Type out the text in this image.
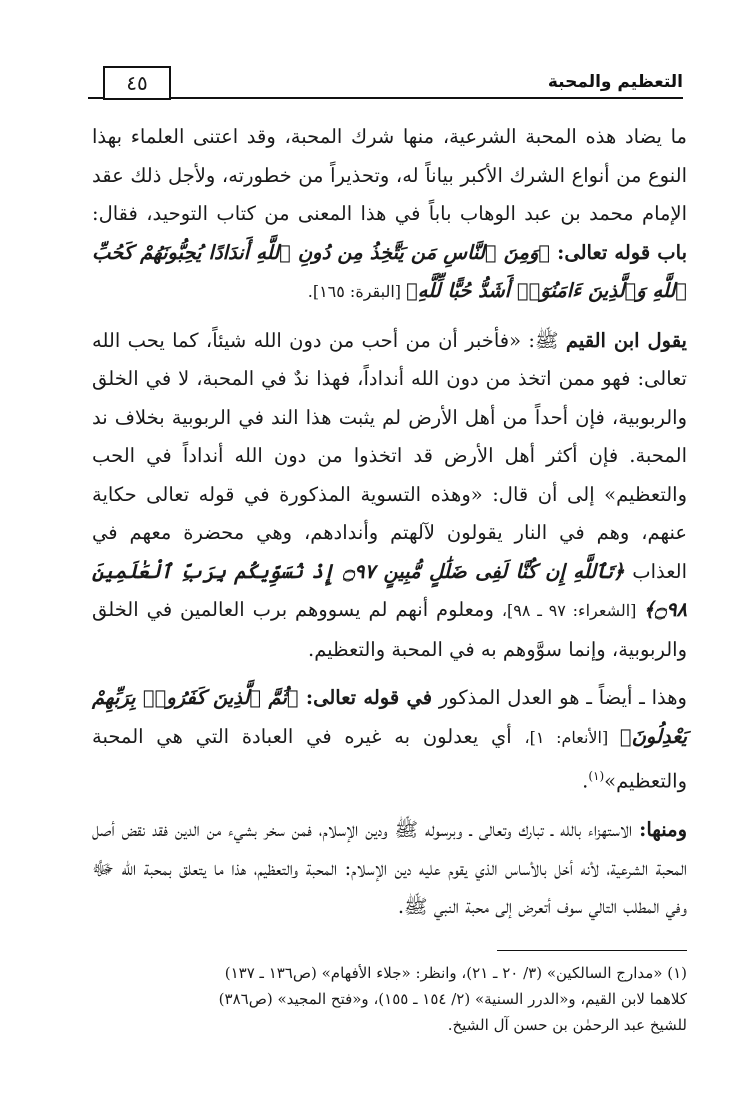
التعظيم والمحبة
٤٥

ما يضاد هذه المحبة الشرعية، منها شرك المحبة، وقد اعتنى العلماء بهذا النوع من أنواع الشرك الأكبر بياناً له، وتحذيراً من خطورته، ولأجل ذلك عقد الإمام محمد بن عبد الوهاب باباً في هذا المعنى من كتاب التوحيد، فقال: باب قوله تعالى: ﴿وَمِنَ ٱلنَّاسِ مَن يَتَّخِذُ مِن دُونِ ٱللَّهِ أَندَادًا يُحِبُّونَهُمْ كَحُبِّ ٱللَّهِ وَٱلَّذِينَ ءَامَنُوٓا۟ أَشَدُّ حُبًّا لِّلَّهِ﴾ [البقرة: ١٦٥].

يقول ابن القيم ﷺ: «فأخبر أن من أحب من دون الله شيئاً، كما يحب الله تعالى: فهو ممن اتخذ من دون الله أنداداً، فهذا ندٌ في المحبة، لا في الخلق والربوبية، فإن أحداً من أهل الأرض لم يثبت هذا الند في الربوبية بخلاف ند المحبة. فإن أكثر أهل الأرض قد اتخذوا من دون الله أنداداً في الحب والتعظيم» إلى أن قال: «وهذه التسوية المذكورة في قوله تعالى حكاية عنهم، وهم في النار يقولون لآلهتم وأندادهم، وهي محضرة معهم في العذاب ﴿تَٱللَّهِ إِن كُنَّا لَفِى ضَلَٰلٍ مُّبِينٍ ۝٩٧ إِذْ نُسَوِّيكُم بِرَبِّ ٱلْعَٰلَمِينَ ۝٩٨﴾ [الشعراء: ٩٧ ـ ٩٨]، ومعلوم أنهم لم يسووهم برب العالمين في الخلق والربوبية، وإنما سوَّوهم به في المحبة والتعظيم.

وهذا ـ أيضاً ـ هو العدل المذكور في قوله تعالى: ﴿ثُمَّ ٱلَّذِينَ كَفَرُوا۟ بِرَبِّهِمْ يَعْدِلُونَ﴾ [الأنعام: ١]، أي يعدلون به غيره في العبادة التي هي المحبة والتعظيم»$^{(١)}$.

ومنها: الاستهزاء بالله ـ تبارك وتعالى ـ وبرسوله ﷺ ودين الإسلام، فمن سخر بشيء من الدين فقد نقض أصل المحبة الشرعية، لأنه أخل بالأساس الذي يقوم عليه دين الإسلام: المحبة والتعظيم، هذا ما يتعلق بمحبة الله ﷻ وفي المطلب التالي سوف أتعرض إلى محبة النبي ﷺ.

(١) «مدارج السالكين» (٣/ ٢٠ ـ ٢١)، وانظر: «جلاء الأفهام» (ص١٣٦ ـ ١٣٧)

كلاهما لابن القيم، و«الدرر السنية» (٢/ ١٥٤ ـ ١٥٥)، و«فتح المجيد» (ص٣٨٦)

للشيخ عبد الرحمٰن بن حسن آل الشيخ.
